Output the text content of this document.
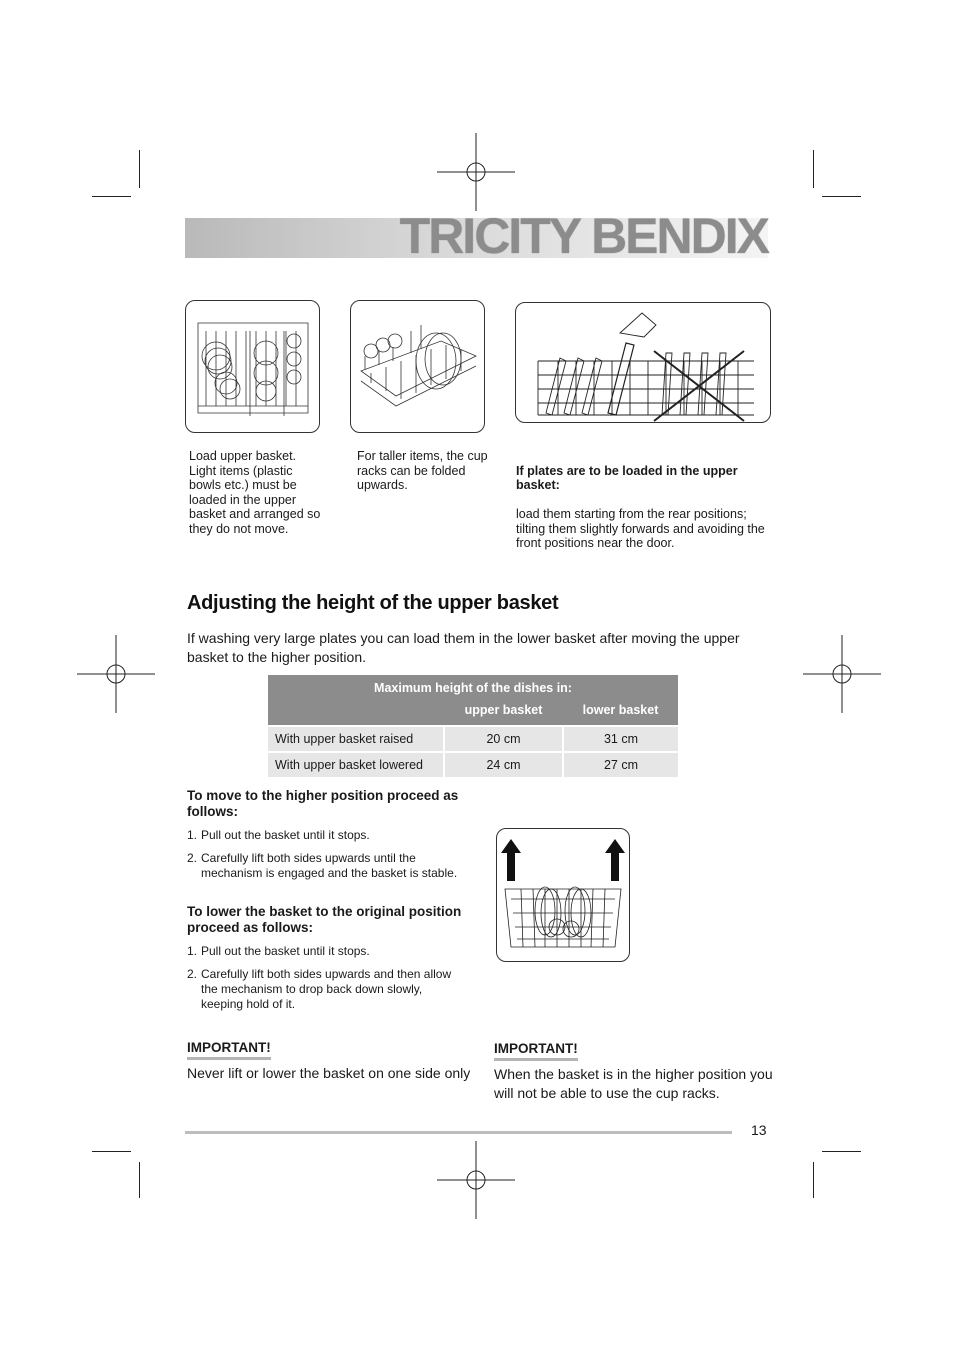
TRICITY BENDIX
Load upper basket.
Light items (plastic
bowls etc.) must be
loaded in the upper
basket and arranged so
they do not move.
For taller items, the cup
racks can be folded
upwards.

If plates are to be loaded in the upper
basket:

load them starting from the rear positions;
tilting them slightly forwards and avoiding the
front positions near the door.

Adjusting the height of the upper basket
If washing very large plates you can load them in the lower basket after moving the upper basket to the higher position.
Maximum height of the dishes in:		
	upper basket	lower basket
With upper basket raised	20 cm	31 cm
With upper basket lowered	24 cm	27 cm
To move to the higher position proceed as
follows:
1. Pull out the basket until it stops.
2. Carefully lift both sides upwards until the
mechanism is engaged and the basket is stable.
To lower the basket to the original position
proceed as follows:
1. Pull out the basket until it stops.
2. Carefully lift both sides upwards and then allow
the mechanism to drop back down slowly,
keeping hold of it.
IMPORTANT!
Never lift or lower the basket on one side only
IMPORTANT!
When the basket is in the higher position you
will not be able to use the cup racks.
13
